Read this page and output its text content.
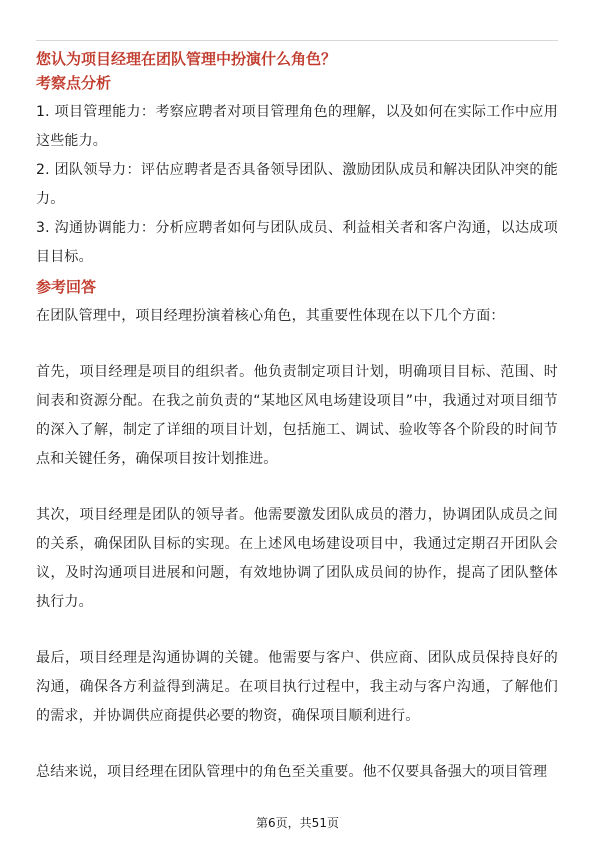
您认为项目经理在团队管理中扮演什么角色？

考察点分析

1. 项目管理能力：考察应聘者对项目管理角色的理解，以及如何在实际工作中应用这些能力。

2. 团队领导力：评估应聘者是否具备领导团队、激励团队成员和解决团队冲突的能力。

3. 沟通协调能力：分析应聘者如何与团队成员、利益相关者和客户沟通，以达成项目目标。

参考回答

在团队管理中，项目经理扮演着核心角色，其重要性体现在以下几个方面：

首先，项目经理是项目的组织者。他负责制定项目计划，明确项目目标、范围、时间表和资源分配。在我之前负责的“某地区风电场建设项目”中，我通过对项目细节的深入了解，制定了详细的项目计划，包括施工、调试、验收等各个阶段的时间节点和关键任务，确保项目按计划推进。

其次，项目经理是团队的领导者。他需要激发团队成员的潜力，协调团队成员之间的关系，确保团队目标的实现。在上述风电场建设项目中，我通过定期召开团队会议，及时沟通项目进展和问题，有效地协调了团队成员间的协作，提高了团队整体执行力。

最后，项目经理是沟通协调的关键。他需要与客户、供应商、团队成员保持良好的沟通，确保各方利益得到满足。在项目执行过程中，我主动与客户沟通，了解他们的需求，并协调供应商提供必要的物资，确保项目顺利进行。

总结来说，项目经理在团队管理中的角色至关重要。他不仅要具备强大的项目管理

第6页，共51页
